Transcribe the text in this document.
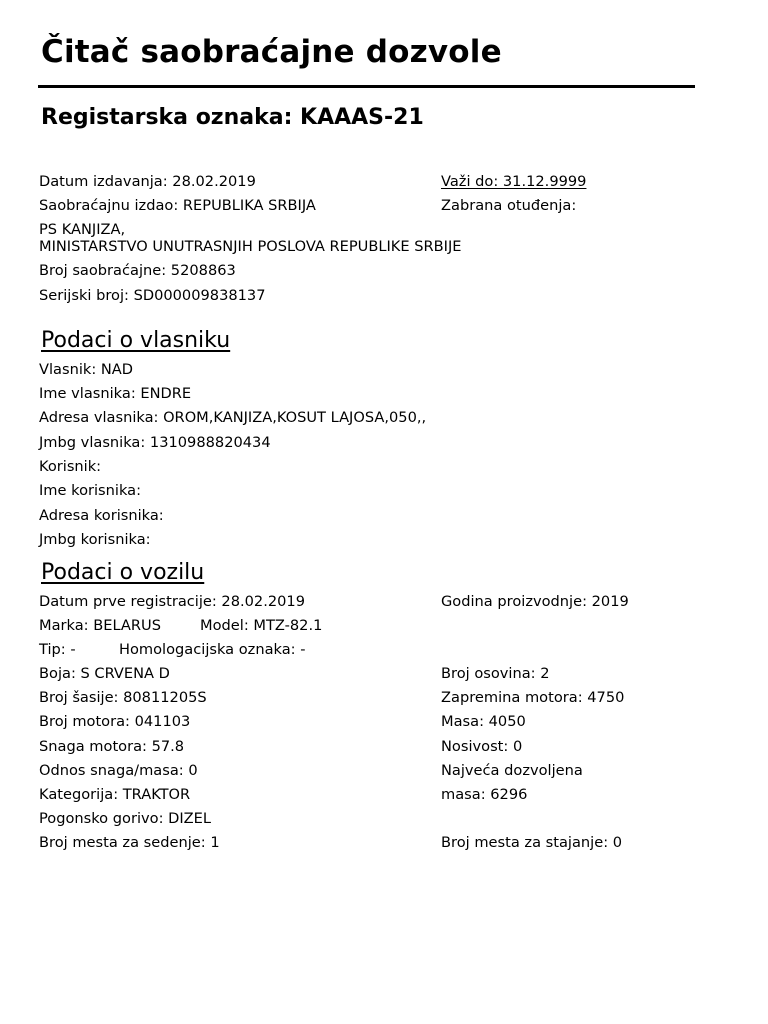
Čitač saobraćajne dozvole
Registarska oznaka: KAAAS-21
Datum izdavanja: 28.02.2019	Važi do: 31.12.9999
Saobraćajnu izdao: REPUBLIKA SRBIJA	Zabrana otuđenja:
PS KANJIZA,
MINISTARSTVO UNUTRASNJIH POSLOVA REPUBLIKE SRBIJE
Broj saobraćajne: 5208863
Serijski broj: SD000009838137
Podaci o vlasniku
Vlasnik: NAD
Ime vlasnika: ENDRE
Adresa vlasnika: OROM,KANJIZA,KOSUT LAJOSA,050,,
Jmbg vlasnika: 1310988820434
Korisnik:
Ime korisnika:
Adresa korisnika:
Jmbg korisnika:
Podaci o vozilu
Datum prve registracije: 28.02.2019	Godina proizvodnje: 2019
Marka: BELARUS	Model: MTZ-82.1
Tip: -	Homologacijska oznaka: -
Boja: S CRVENA D	Broj osovina: 2
Broj šasije: 80811205S	Zapremina motora: 4750
Broj motora: 041103	Masa: 4050
Snaga motora: 57.8	Nosivost: 0
Odnos snaga/masa: 0	Najveća dozvoljena
Kategorija: TRAKTOR	masa: 6296
Pogonsko gorivo: DIZEL
Broj mesta za sedenje: 1	Broj mesta za stajanje: 0
